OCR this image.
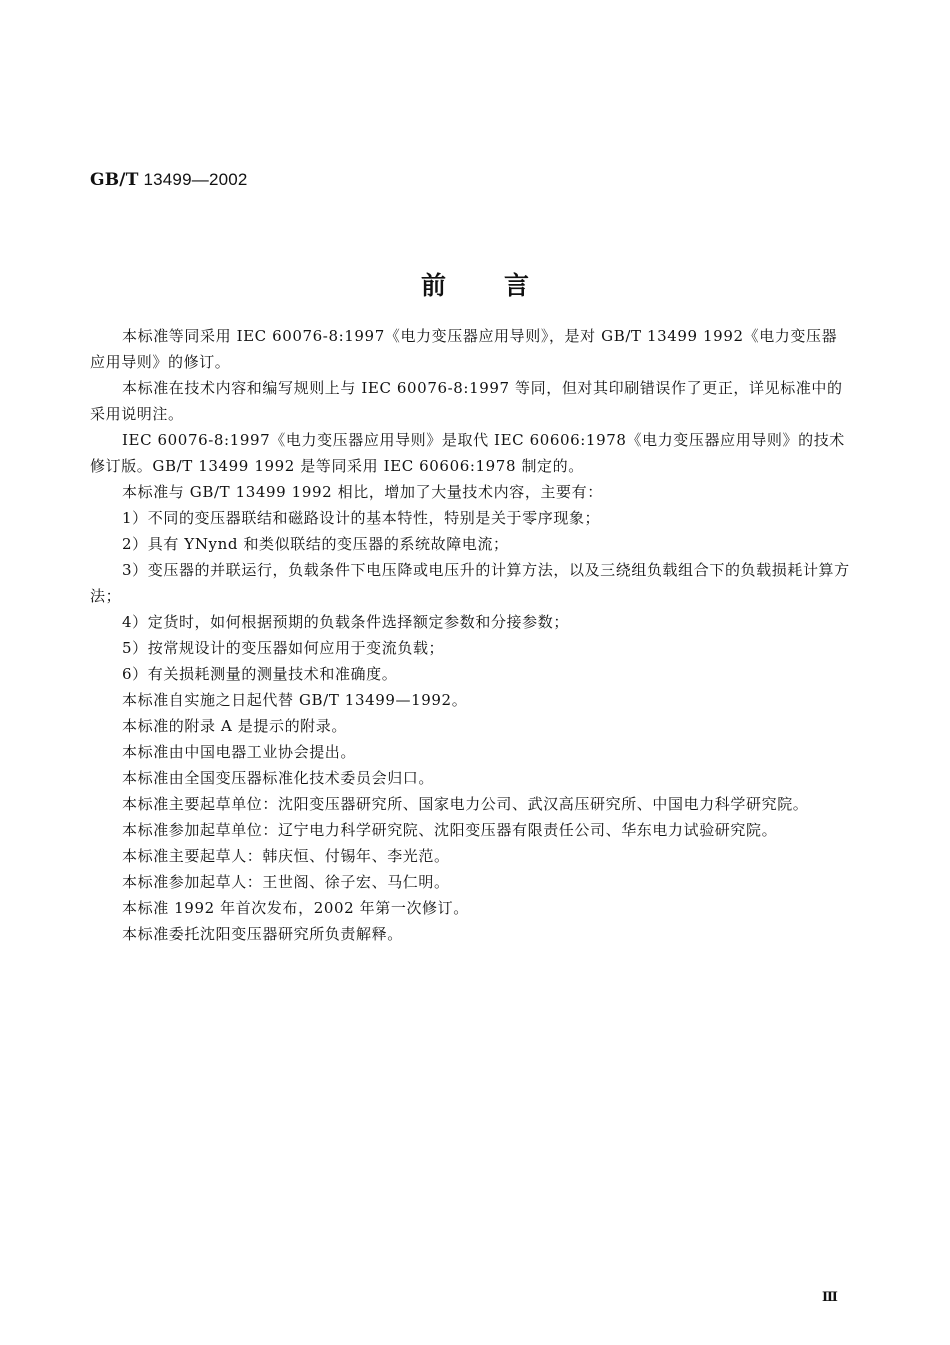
GB/T 13499—2002
前言

本标准等同采用 IEC 60076-8:1997《电力变压器应用导则》，是对 GB/T 13499 1992《电力变压器应用导则》的修订。

本标准在技术内容和编写规则上与 IEC 60076-8:1997 等同，但对其印刷错误作了更正，详见标准中的采用说明注。

IEC 60076-8:1997《电力变压器应用导则》是取代 IEC 60606:1978《电力变压器应用导则》的技术修订版。GB/T 13499 1992 是等同采用 IEC 60606:1978 制定的。

本标准与 GB/T 13499 1992 相比，增加了大量技术内容，主要有：

1）不同的变压器联结和磁路设计的基本特性，特别是关于零序现象；

2）具有 YNynd 和类似联结的变压器的系统故障电流；

3）变压器的并联运行，负载条件下电压降或电压升的计算方法，以及三绕组负载组合下的负载损耗计算方法；

4）定货时，如何根据预期的负载条件选择额定参数和分接参数；

5）按常规设计的变压器如何应用于变流负载；

6）有关损耗测量的测量技术和准确度。

本标准自实施之日起代替 GB/T 13499—1992。

本标准的附录 A 是提示的附录。

本标准由中国电器工业协会提出。

本标准由全国变压器标准化技术委员会归口。

本标准主要起草单位：沈阳变压器研究所、国家电力公司、武汉高压研究所、中国电力科学研究院。

本标准参加起草单位：辽宁电力科学研究院、沈阳变压器有限责任公司、华东电力试验研究院。

本标准主要起草人：韩庆恒、付锡年、李光范。

本标准参加起草人：王世阁、徐子宏、马仁明。

本标准 1992 年首次发布，2002 年第一次修订。

本标准委托沈阳变压器研究所负责解释。

Ⅲ
